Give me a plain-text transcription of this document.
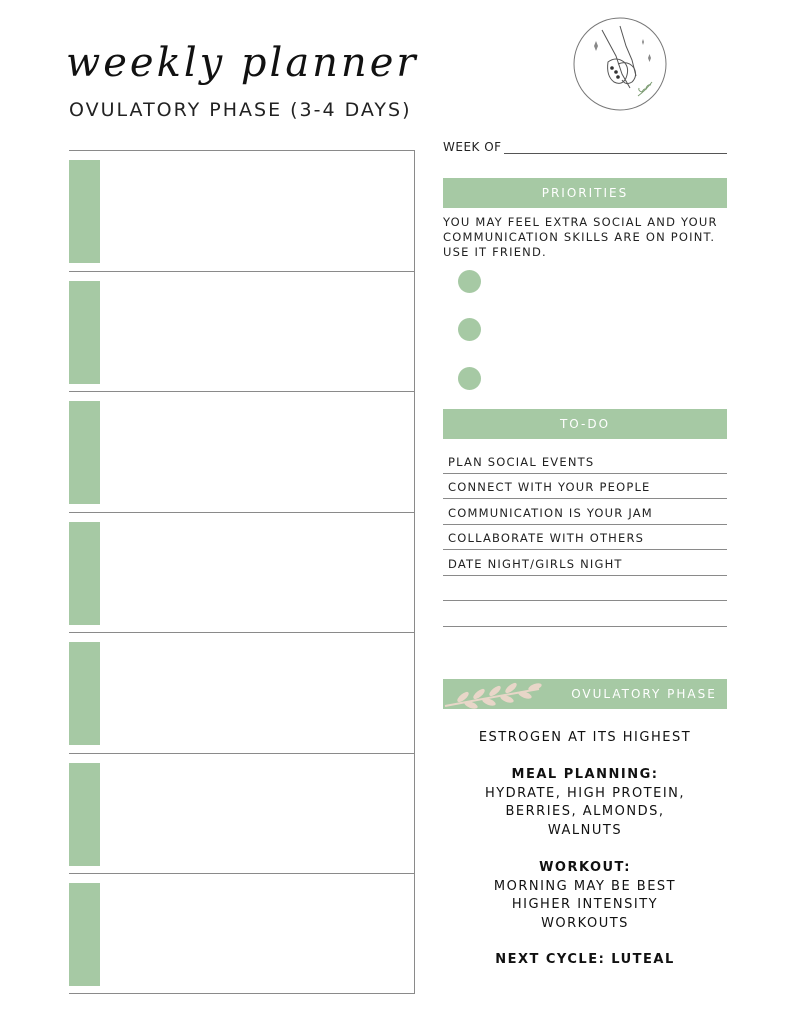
weekly planner
OVULATORY PHASE (3-4 DAYS)
WEEK OF
PRIORITIES
YOU MAY FEEL EXTRA SOCIAL AND YOUR COMMUNICATION SKILLS ARE ON POINT. USE IT FRIEND.
TO-DO
PLAN SOCIAL EVENTS
CONNECT WITH YOUR PEOPLE
COMMUNICATION IS YOUR JAM
COLLABORATE WITH OTHERS
DATE NIGHT/GIRLS NIGHT
OVULATORY PHASE
ESTROGEN AT ITS HIGHEST
MEAL PLANNING:
HYDRATE, HIGH PROTEIN,
BERRIES, ALMONDS,
WALNUTS
WORKOUT:
MORNING MAY BE BEST
HIGHER INTENSITY
WORKOUTS
NEXT CYCLE: LUTEAL
